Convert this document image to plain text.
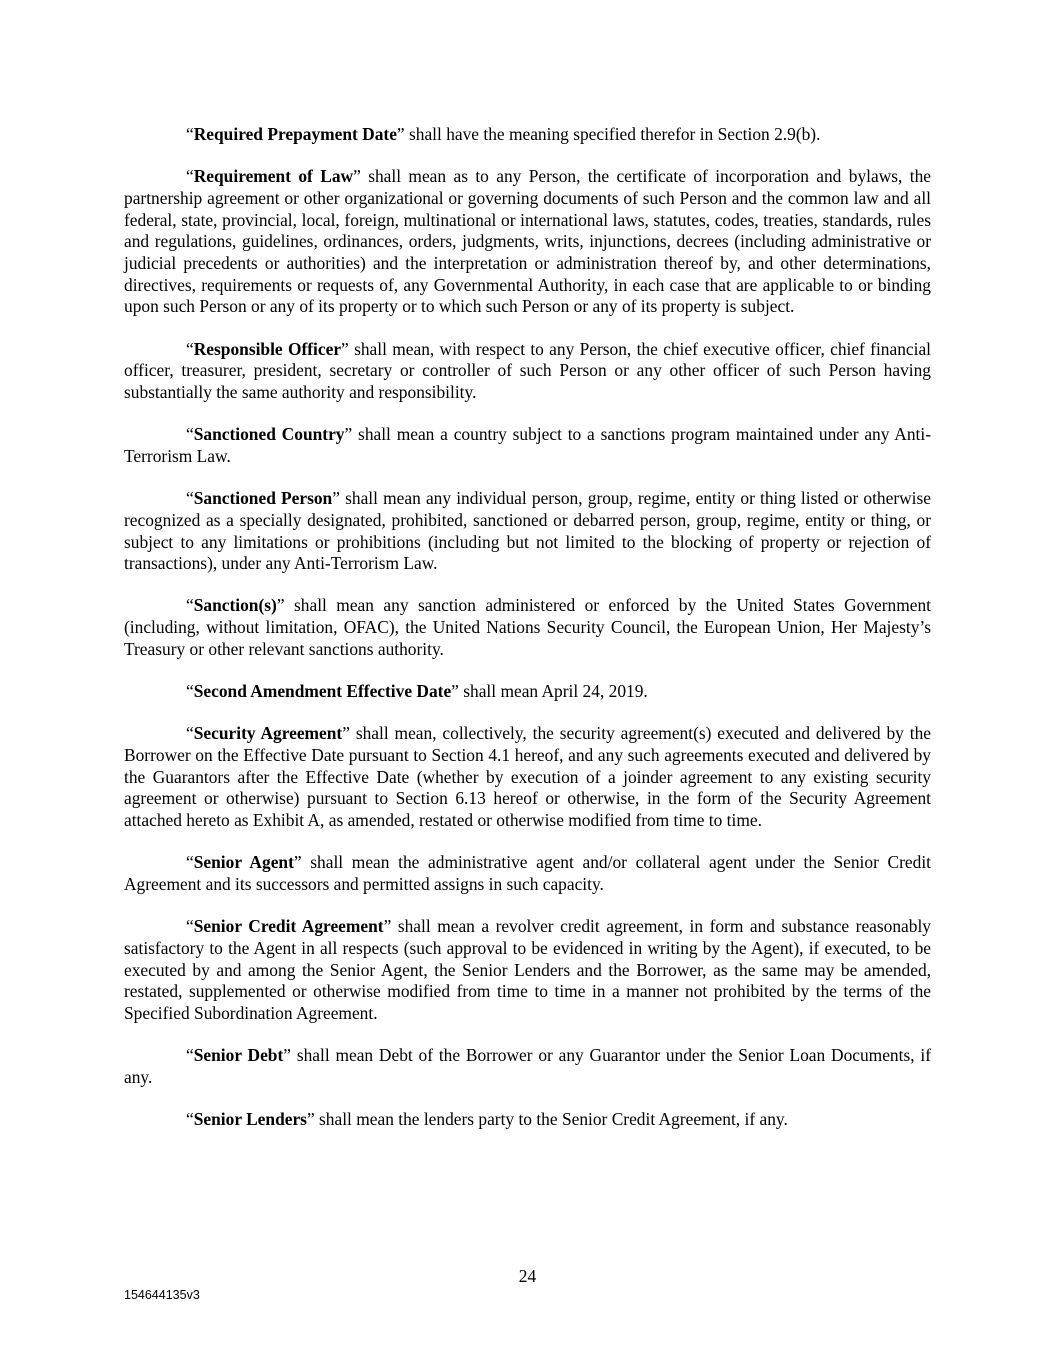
“Required Prepayment Date” shall have the meaning specified therefor in Section 2.9(b).

“Requirement of Law” shall mean as to any Person, the certificate of incorporation and bylaws, the partnership agreement or other organizational or governing documents of such Person and the common law and all federal, state, provincial, local, foreign, multinational or international laws, statutes, codes, treaties, standards, rules and regulations, guidelines, ordinances, orders, judgments, writs, injunctions, decrees (including administrative or judicial precedents or authorities) and the interpretation or administration thereof by, and other determinations, directives, requirements or requests of, any Governmental Authority, in each case that are applicable to or binding upon such Person or any of its property or to which such Person or any of its property is subject.

“Responsible Officer” shall mean, with respect to any Person, the chief executive officer, chief financial officer, treasurer, president, secretary or controller of such Person or any other officer of such Person having substantially the same authority and responsibility.

“Sanctioned Country” shall mean a country subject to a sanctions program maintained under any Anti-Terrorism Law.

“Sanctioned Person” shall mean any individual person, group, regime, entity or thing listed or otherwise recognized as a specially designated, prohibited, sanctioned or debarred person, group, regime, entity or thing, or subject to any limitations or prohibitions (including but not limited to the blocking of property or rejection of transactions), under any Anti-Terrorism Law.

“Sanction(s)” shall mean any sanction administered or enforced by the United States Government (including, without limitation, OFAC), the United Nations Security Council, the European Union, Her Majesty’s Treasury or other relevant sanctions authority.

“Second Amendment Effective Date” shall mean April 24, 2019.

“Security Agreement” shall mean, collectively, the security agreement(s) executed and delivered by the Borrower on the Effective Date pursuant to Section 4.1 hereof, and any such agreements executed and delivered by the Guarantors after the Effective Date (whether by execution of a joinder agreement to any existing security agreement or otherwise) pursuant to Section 6.13 hereof or otherwise, in the form of the Security Agreement attached hereto as Exhibit A, as amended, restated or otherwise modified from time to time.

“Senior Agent” shall mean the administrative agent and/or collateral agent under the Senior Credit Agreement and its successors and permitted assigns in such capacity.

“Senior Credit Agreement” shall mean a revolver credit agreement, in form and substance reasonably satisfactory to the Agent in all respects (such approval to be evidenced in writing by the Agent), if executed, to be executed by and among the Senior Agent, the Senior Lenders and the Borrower, as the same may be amended, restated, supplemented or otherwise modified from time to time in a manner not prohibited by the terms of the Specified Subordination Agreement.

“Senior Debt” shall mean Debt of the Borrower or any Guarantor under the Senior Loan Documents, if any.

“Senior Lenders” shall mean the lenders party to the Senior Credit Agreement, if any.

24
154644135v3
